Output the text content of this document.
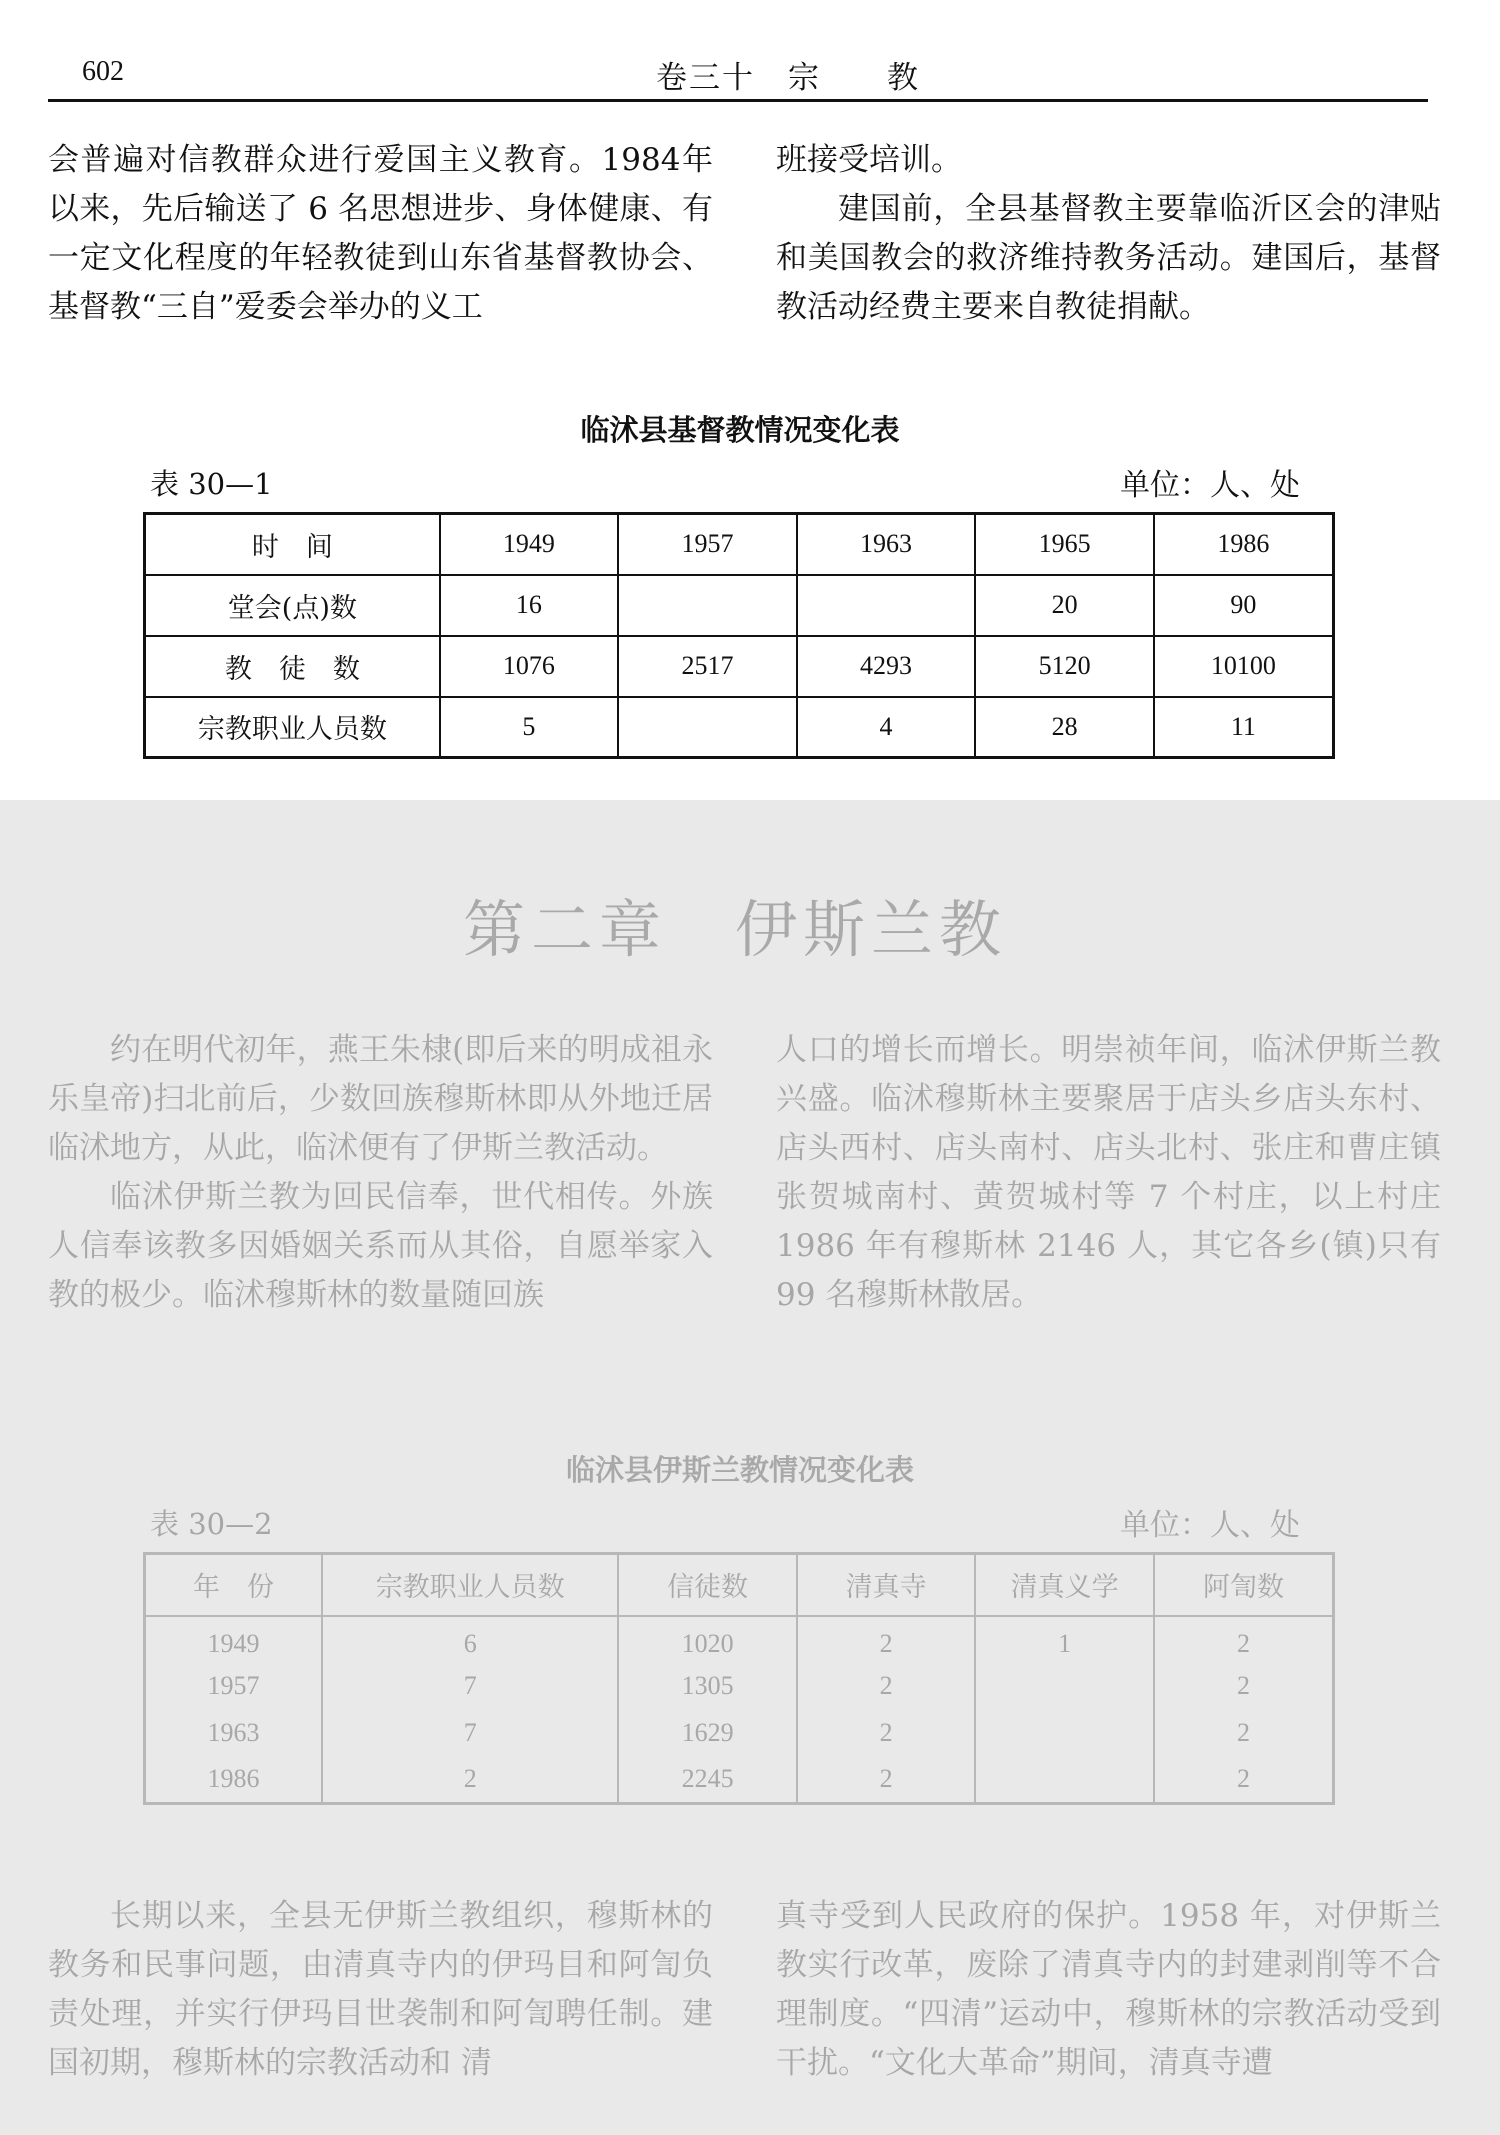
602	卷三十　宗　　教

会普遍对信教群众进行爱国主义教育。1984年以来，先后输送了 6 名思想进步、身体健康、有一定文化程度的年轻教徒到山东省基督教协会、基督教“三自”爱委会举办的义工

班接受培训。

建国前，全县基督教主要靠临沂区会的津贴和美国教会的救济维持教务活动。建国后，基督教活动经费主要来自教徒捐献。

临沭县基督教情况变化表
表 30—1	单位：人、处
时　间	1949	1957	1963	1965	1986
堂会(点)数	16			20	90
教　徒　数	1076	2517	4293	5120	10100
宗教职业人员数	5		4	28	11
第二章　伊斯兰教

约在明代初年，燕王朱棣(即后来的明成祖永乐皇帝)扫北前后，少数回族穆斯林即从外地迁居临沭地方，从此，临沭便有了伊斯兰教活动。

临沭伊斯兰教为回民信奉，世代相传。外族人信奉该教多因婚姻关系而从其俗，自愿举家入教的极少。临沭穆斯林的数量随回族

人口的增长而增长。明崇祯年间，临沭伊斯兰教兴盛。临沭穆斯林主要聚居于店头乡店头东村、店头西村、店头南村、店头北村、张庄和曹庄镇张贺城南村、黄贺城村等 7 个村庄，以上村庄 1986 年有穆斯林 2146 人，其它各乡(镇)只有 99 名穆斯林散居。

临沭县伊斯兰教情况变化表
表 30—2	单位：人、处
年　份	宗教职业人员数	信徒数	清真寺	清真义学	阿訇数
1949	6	1020	2	1	2
1957	7	1305	2		2
1963	7	1629	2		2
1986	2	2245	2		2

长期以来，全县无伊斯兰教组织，穆斯林的教务和民事问题，由清真寺内的伊玛目和阿訇负责处理，并实行伊玛目世袭制和阿訇聘任制。建国初期，穆斯林的宗教活动和 清

真寺受到人民政府的保护。1958 年，对伊斯兰教实行改革，废除了清真寺内的封建剥削等不合理制度。“四清”运动中，穆斯林的宗教活动受到干扰。“文化大革命”期间，清真寺遭
